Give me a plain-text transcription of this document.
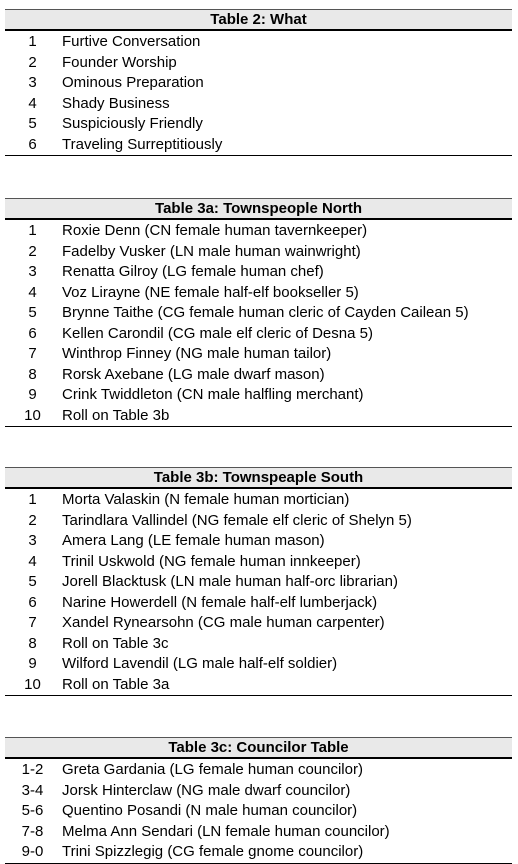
Table 2: What
1	Furtive Conversation
2	Founder Worship
3	Ominous Preparation
4	Shady Business
5	Suspiciously Friendly
6	Traveling Surreptitiously
Table 3a: Townspeople North
1	Roxie Denn (CN female human tavernkeeper)
2	Fadelby Vusker (LN male human wainwright)
3	Renatta Gilroy (LG female human chef)
4	Voz Lirayne (NE female half-elf bookseller 5)
5	Brynne Taithe (CG female human cleric of Cayden Cailean 5)
6	Kellen Carondil (CG male elf cleric of Desna 5)
7	Winthrop Finney (NG male human tailor)
8	Rorsk Axebane (LG male dwarf mason)
9	Crink Twiddleton (CN male halfling merchant)
10	Roll on Table 3b
Table 3b: Townspeaple South
1	Morta Valaskin (N female human mortician)
2	Tarindlara Vallindel (NG female elf cleric of Shelyn 5)
3	Amera Lang (LE female human mason)
4	Trinil Uskwold (NG female human innkeeper)
5	Jorell Blacktusk (LN male human half-orc librarian)
6	Narine Howerdell (N female half-elf lumberjack)
7	Xandel Rynearsohn (CG male human carpenter)
8	Roll on Table 3c
9	Wilford Lavendil (LG male half-elf soldier)
10	Roll on Table 3a
Table 3c: Councilor Table
1-2	Greta Gardania (LG female human councilor)
3-4	Jorsk Hinterclaw (NG male dwarf councilor)
5-6	Quentino Posandi (N male human councilor)
7-8	Melma Ann Sendari (LN female human councilor)
9-0	Trini Spizzlegig (CG female gnome councilor)
